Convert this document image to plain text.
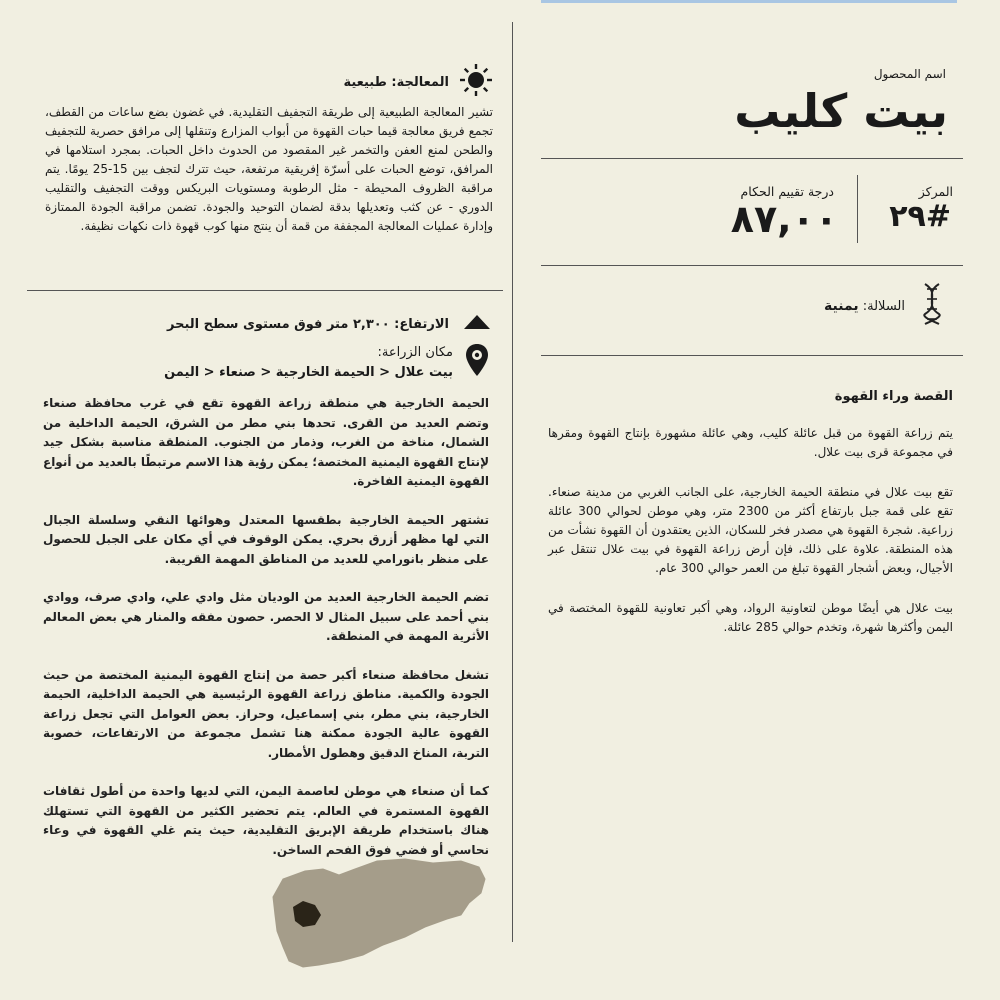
اسم المحصول
بيت كليب
المركز
#٢٩
درجة تقييم الحكام
٨٧,٠٠
السلالة: يمنية
القصة وراء القهوة

يتم زراعة القهوة من قبل عائلة كليب، وهي عائلة مشهورة بإنتاج القهوة ومقرها في مجموعة قرى بيت علال.

تقع بيت علال في منطقة الحيمة الخارجية، على الجانب الغربي من مدينة صنعاء. تقع على قمة جبل بارتفاع أكثر من 2300 متر، وهي موطن لحوالي 300 عائلة زراعية. شجرة القهوة هي مصدر فخر للسكان، الذين يعتقدون أن القهوة نشأت من هذه المنطقة. علاوة على ذلك، فإن أرض زراعة القهوة في بيت علال تنتقل عبر الأجيال، وبعض أشجار القهوة تبلغ من العمر حوالي 300 عام.

بيت علال هي أيضًا موطن لتعاونية الرواد، وهي أكبر تعاونية للقهوة المختصة في اليمن وأكثرها شهرة، وتخدم حوالي 285 عائلة.

المعالجة: طبيعية
تشير المعالجة الطبيعية إلى طريقة التجفيف التقليدية. في غضون بضع ساعات من القطف، تجمع فريق معالجة قيما حبات القهوة من أبواب المزارع وتنقلها إلى مرافق حصرية للتجفيف والطحن لمنع العفن والتخمر غير المقصود من الحدوث داخل الحبات. بمجرد استلامها في المرافق، توضع الحبات على أسرّة إفريقية مرتفعة، حيث تترك لتجف بين 15-25 يومًا. يتم مراقبة الظروف المحيطة - مثل الرطوبة ومستويات البريكس ووقت التجفيف والتقليب الدوري - عن كثب وتعديلها بدقة لضمان التوحيد والجودة. تضمن مراقبة الجودة الممتازة وإدارة عمليات المعالجة المجففة من قمة أن ينتج منها كوب قهوة ذات نكهات نظيفة.
الارتفاع: ٢,٣٠٠ متر فوق مستوى سطح البحر
مكان الزراعة:
بيت علال < الحيمة الخارجية < صنعاء < اليمن

الحيمة الخارجية هي منطقة زراعة القهوة تقع في غرب محافظة صنعاء وتضم العديد من القرى. تحدها بني مطر من الشرق، الحيمة الداخلية من الشمال، مناخة من الغرب، وذمار من الجنوب. المنطقة مناسبة بشكل جيد لإنتاج القهوة اليمنية المختصة؛ يمكن رؤية هذا الاسم مرتبطًا بالعديد من أنواع القهوة اليمنية الفاخرة.

تشتهر الحيمة الخارجية بطقسها المعتدل وهوائها النقي وسلسلة الجبال التي لها مظهر أزرق بحري. يمكن الوقوف في أي مكان على الجبل للحصول على منظر بانورامي للعديد من المناطق المهمة القريبة.

تضم الحيمة الخارجية العديد من الوديان مثل وادي علي، وادي صرف، ووادي بني أحمد على سبيل المثال لا الحصر. حصون مفقه والمنار هي بعض المعالم الأثرية المهمة في المنطقة.

تشغل محافظة صنعاء أكبر حصة من إنتاج القهوة اليمنية المختصة من حيث الجودة والكمية. مناطق زراعة القهوة الرئيسية هي الحيمة الداخلية، الحيمة الخارجية، بني مطر، بني إسماعيل، وحراز. بعض العوامل التي تجعل زراعة القهوة عالية الجودة ممكنة هنا تشمل مجموعة من الارتفاعات، خصوبة التربة، المناخ الدقيق وهطول الأمطار.

كما أن صنعاء هي موطن لعاصمة اليمن، التي لديها واحدة من أطول ثقافات القهوة المستمرة في العالم. يتم تحضير الكثير من القهوة التي تستهلك هناك باستخدام طريقة الإبريق التقليدية، حيث يتم غلي القهوة في وعاء نحاسي أو فضي فوق الفحم الساخن.
